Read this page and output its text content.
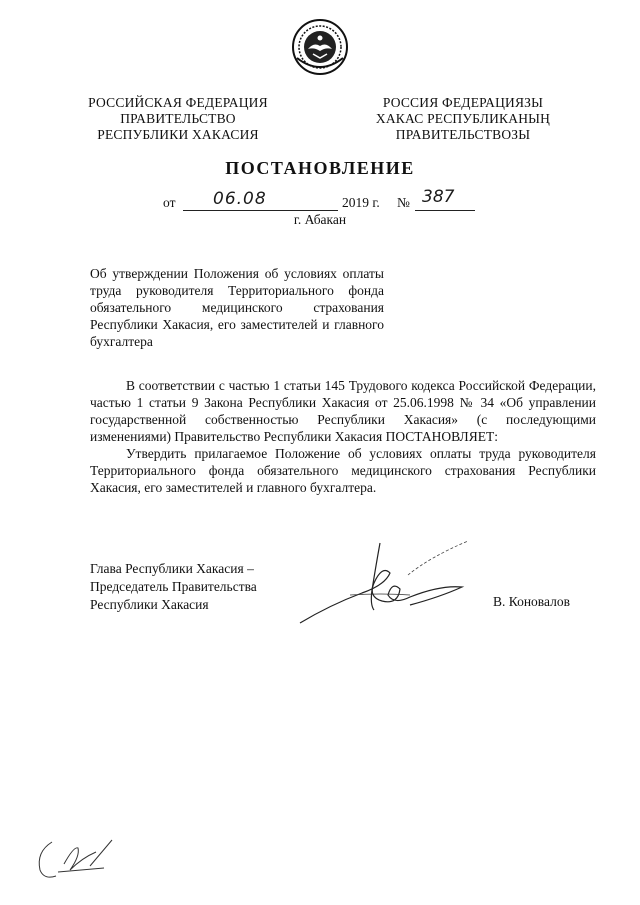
РОССИЙСКАЯ ФЕДЕРАЦИЯ
ПРАВИТЕЛЬСТВО
РЕСПУБЛИКИ ХАКАСИЯ
РОССИЯ ФЕДЕРАЦИЯЗЫ
ХАКАС РЕСПУБЛИКАНЫҢ
ПРАВИТЕЛЬСТВОЗЫ
ПОСТАНОВЛЕНИЕ
от 06.08	2019 г. № 387
г. Абакан
Об утверждении Положения об условиях оплаты труда руководителя Территориального фонда обязательного медицинского страхования Республики Хакасия, его заместителей и главного бухгалтера

В соответствии с частью 1 статьи 145 Трудового кодекса Российской Федерации, частью 1 статьи 9 Закона Республики Хакасия от 25.06.1998 № 34 «Об управлении государственной собственностью Республики Хакасия» (с последующими изменениями) Правительство Республики Хакасия ПОСТАНОВЛЯЕТ:

Утвердить прилагаемое Положение об условиях оплаты труда руководителя Территориального фонда обязательного медицинского страхования Республики Хакасия, его заместителей и главного бухгалтера.

Глава Республики Хакасия –
Председатель Правительства
Республики Хакасия	В. Коновалов
